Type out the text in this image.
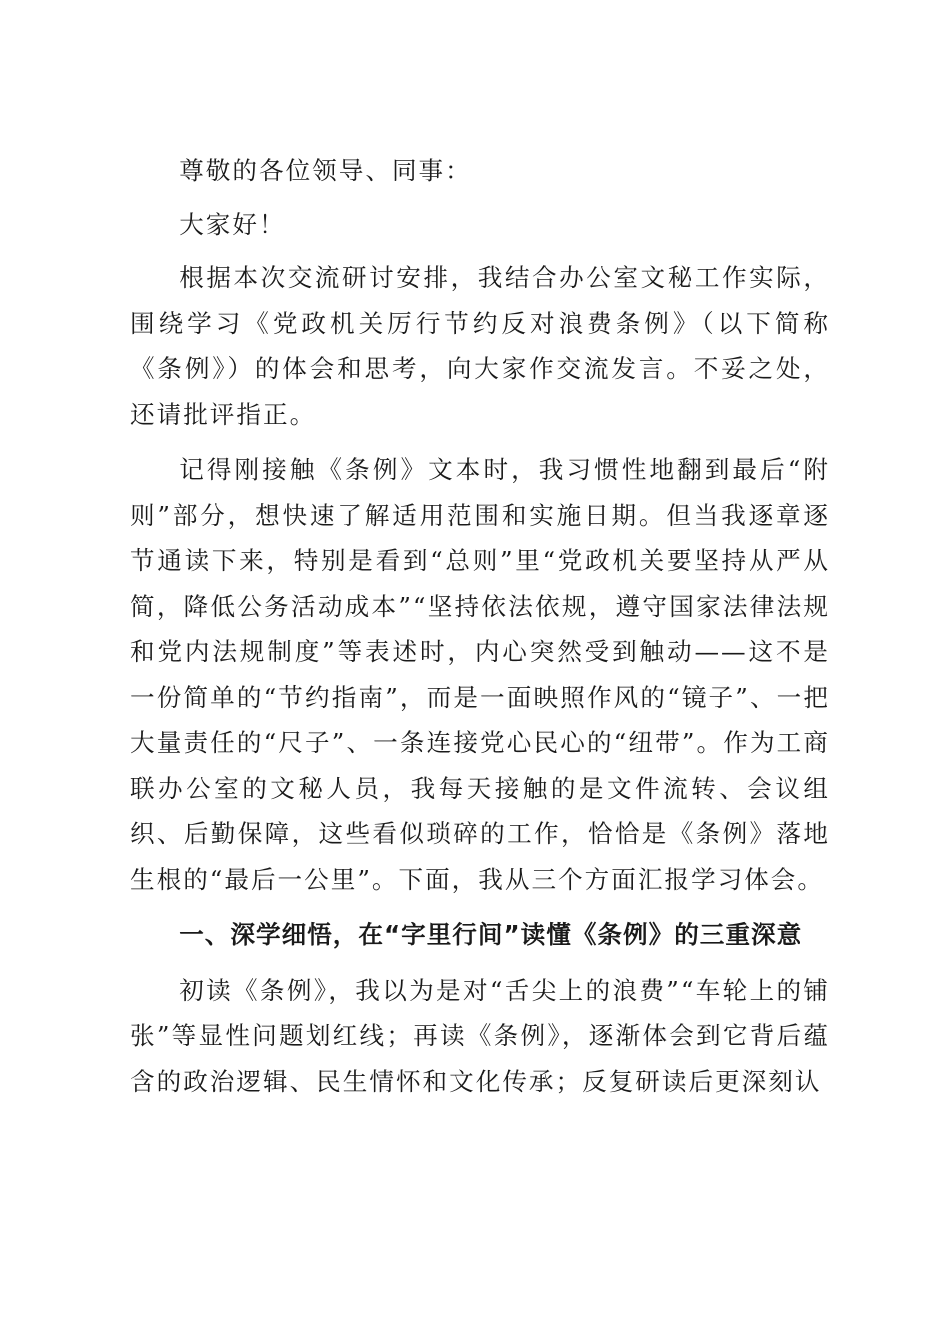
尊敬的各位领导、同事：

大家好！

根据本次交流研讨安排，我结合办公室文秘工作实际，围绕学习《党政机关厉行节约反对浪费条例》（以下简称《条例》）的体会和思考，向大家作交流发言。不妥之处，还请批评指正。

记得刚接触《条例》文本时，我习惯性地翻到最后“附则”部分，想快速了解适用范围和实施日期。但当我逐章逐节通读下来，特别是看到“总则”里“党政机关要坚持从严从简，降低公务活动成本”“坚持依法依规，遵守国家法律法规和党内法规制度”等表述时，内心突然受到触动——这不是一份简单的“节约指南”，而是一面映照作风的“镜子”、一把大量责任的“尺子”、一条连接党心民心的“纽带”。作为工商联办公室的文秘人员，我每天接触的是文件流转、会议组织、后勤保障，这些看似琐碎的工作，恰恰是《条例》落地生根的“最后一公里”。下面，我从三个方面汇报学习体会。

一、深学细悟，在“字里行间”读懂《条例》的三重深意

初读《条例》，我以为是对“舌尖上的浪费”“车轮上的铺张”等显性问题划红线；再读《条例》，逐渐体会到它背后蕴含的政治逻辑、民生情怀和文化传承；反复研读后更深刻认
